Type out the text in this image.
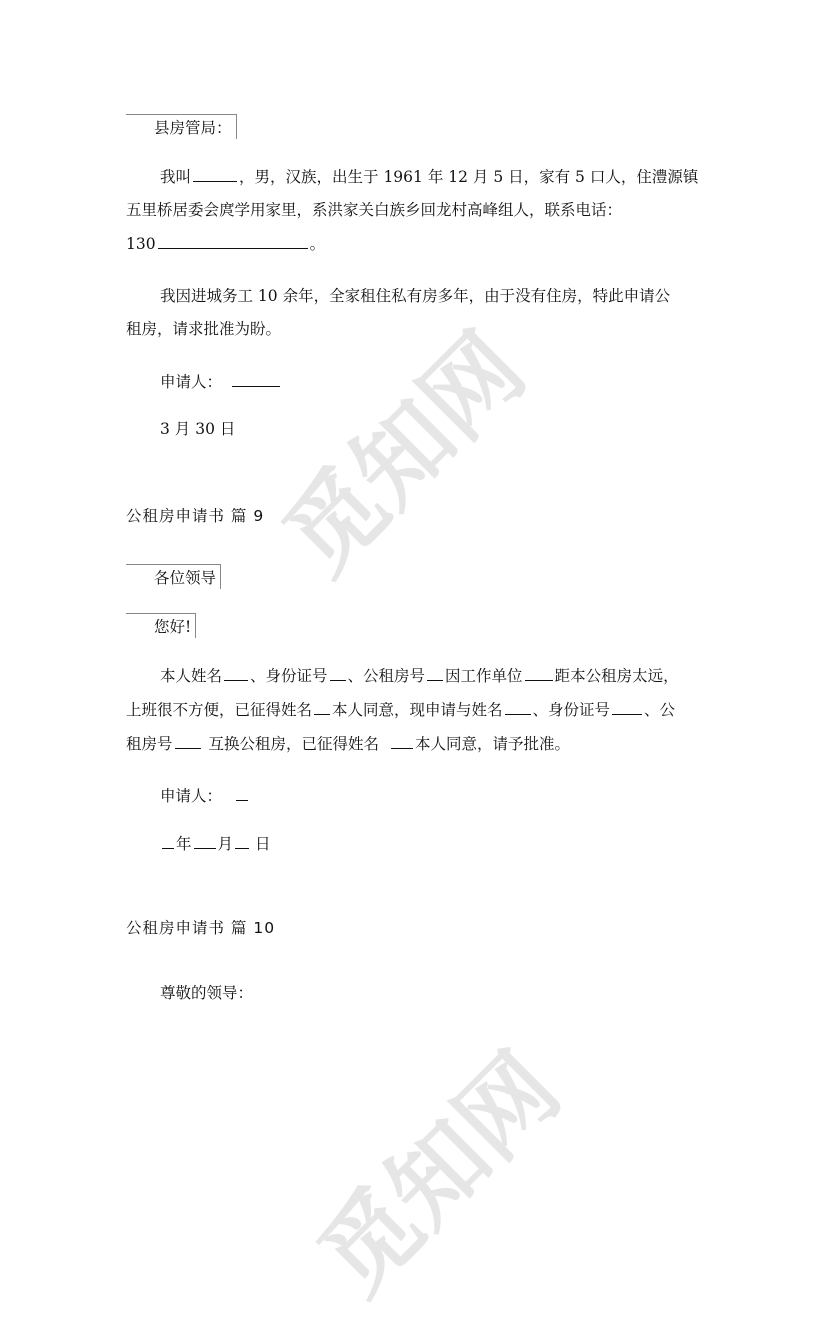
觅知网
觅知网
县房管局：
我叫	，男，汉族，出生于 1961 年 12 月 5 日，家有 5 口人，住澧源镇
五里桥居委会庹学用家里，系洪家关白族乡回龙村高峰组人，联系电话：
130	。
我因进城务工 10 余年，全家租住私有房多年，由于没有住房，特此申请公
租房，请求批准为盼。
申请人：
3 月 30 日
公租房申请书 篇 9
各位领导
您好!
本人姓名 、身份证号 、公租房号 因工作单位 距本公租房太远，
上班很不方便，已征得姓名 本人同意，现申请与姓名 、身份证号 、公
租房号 互换公租房，已征得姓名 本人同意，请予批准。
申请人：
年 月 日
公租房申请书 篇 10
尊敬的领导：
